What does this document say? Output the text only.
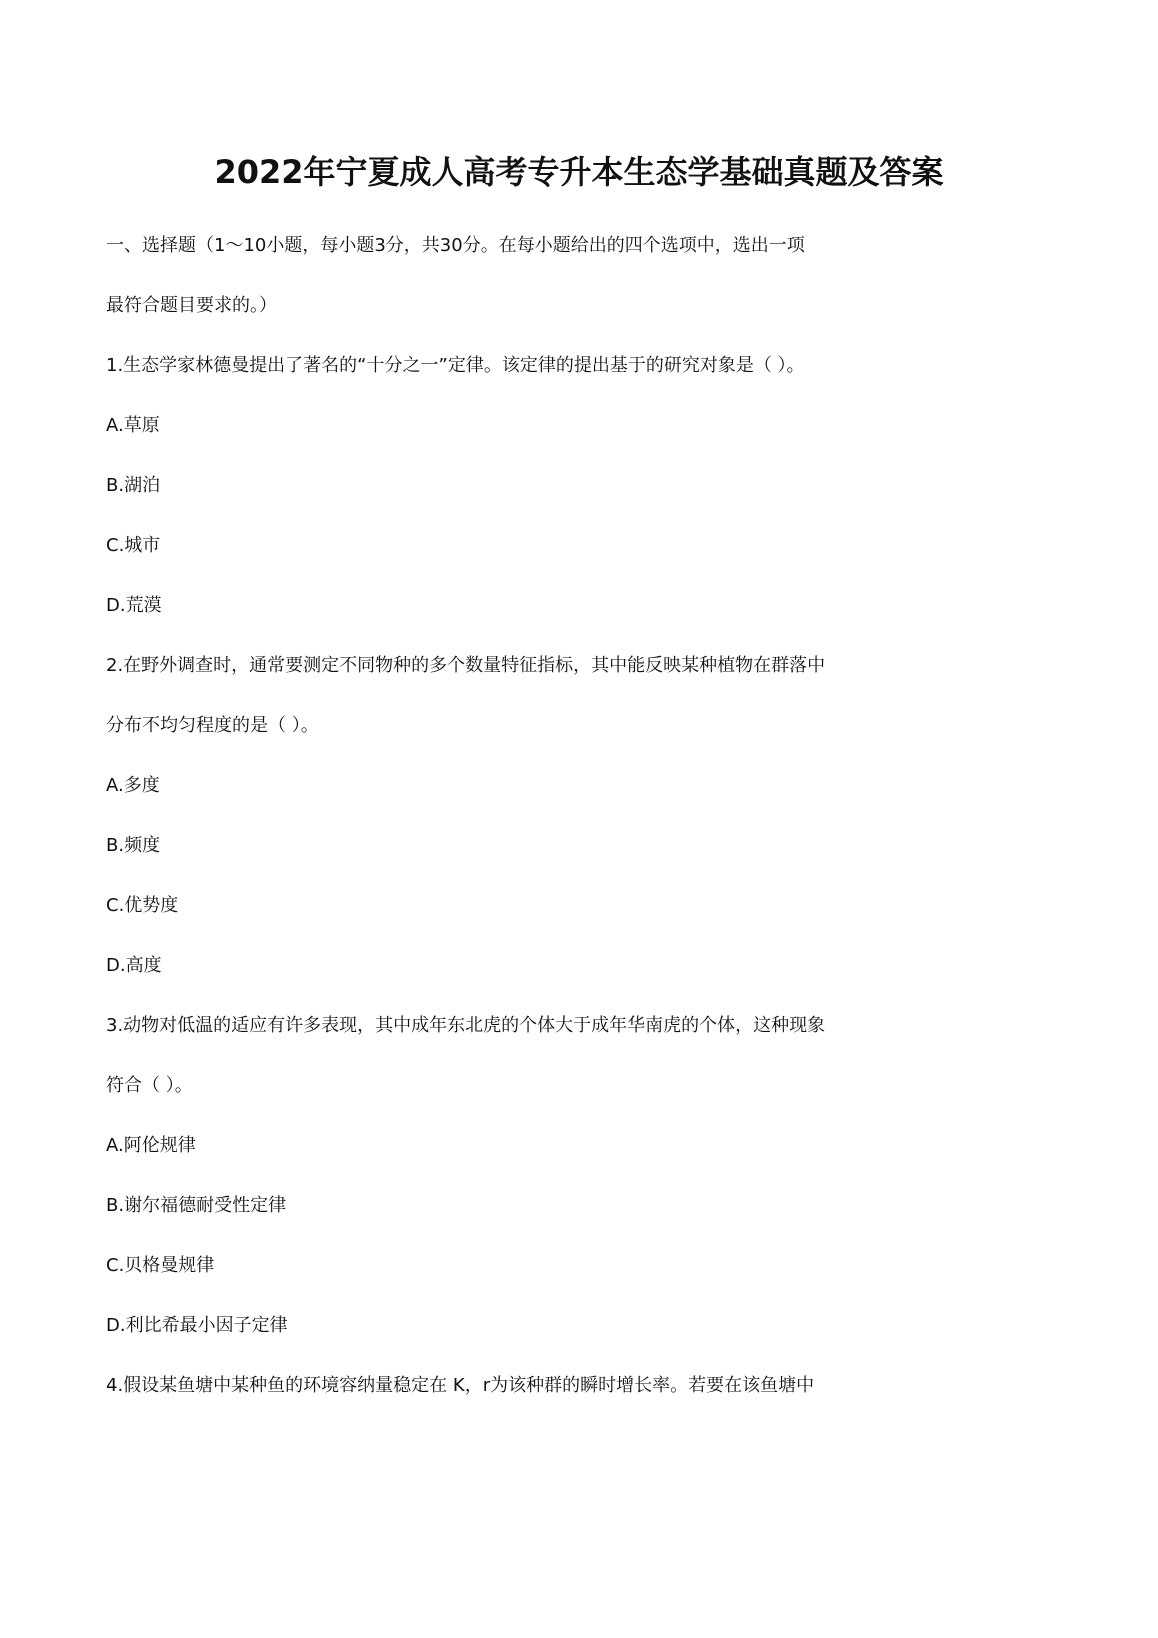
2022年宁夏成人高考专升本生态学基础真题及答案
一、选择题（1～10小题，每小题3分，共30分。在每小题给出的四个选项中，选出一项
最符合题目要求的。）
1.生态学家林德曼提出了著名的“十分之一”定律。该定律的提出基于的研究对象是（ ）。
A.草原
B.湖泊
C.城市
D.荒漠
2.在野外调查时，通常要测定不同物种的多个数量特征指标，其中能反映某种植物在群落中
分布不均匀程度的是（ ）。
A.多度
B.频度
C.优势度
D.高度
3.动物对低温的适应有许多表现，其中成年东北虎的个体大于成年华南虎的个体，这种现象
符合（ ）。
A.阿伦规律
B.谢尔福德耐受性定律
C.贝格曼规律
D.利比希最小因子定律
4.假设某鱼塘中某种鱼的环境容纳量稳定在 K，r为该种群的瞬时增长率。若要在该鱼塘中
